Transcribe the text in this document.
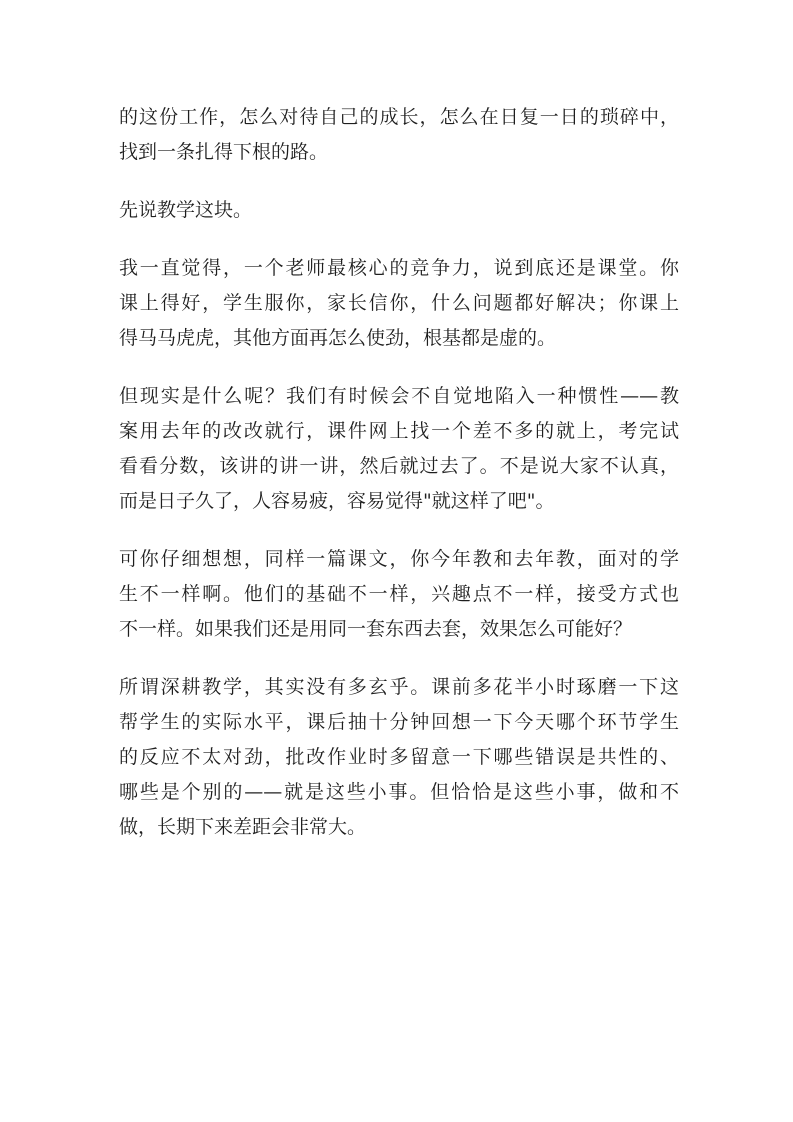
的这份工作，怎么对待自己的成长，怎么在日复一日的琐碎中，
找到一条扎得下根的路。

先说教学这块。

我一直觉得，一个老师最核心的竞争力，说到底还是课堂。你
课上得好，学生服你，家长信你，什么问题都好解决；你课上
得马马虎虎，其他方面再怎么使劲，根基都是虚的。

但现实是什么呢？我们有时候会不自觉地陷入一种惯性——教
案用去年的改改就行，课件网上找一个差不多的就上，考完试
看看分数，该讲的讲一讲，然后就过去了。不是说大家不认真，
而是日子久了，人容易疲，容易觉得"就这样了吧"。

可你仔细想想，同样一篇课文，你今年教和去年教，面对的学
生不一样啊。他们的基础不一样，兴趣点不一样，接受方式也
不一样。如果我们还是用同一套东西去套，效果怎么可能好？

所谓深耕教学，其实没有多玄乎。课前多花半小时琢磨一下这
帮学生的实际水平，课后抽十分钟回想一下今天哪个环节学生
的反应不太对劲，批改作业时多留意一下哪些错误是共性的、
哪些是个别的——就是这些小事。但恰恰是这些小事，做和不
做，长期下来差距会非常大。
